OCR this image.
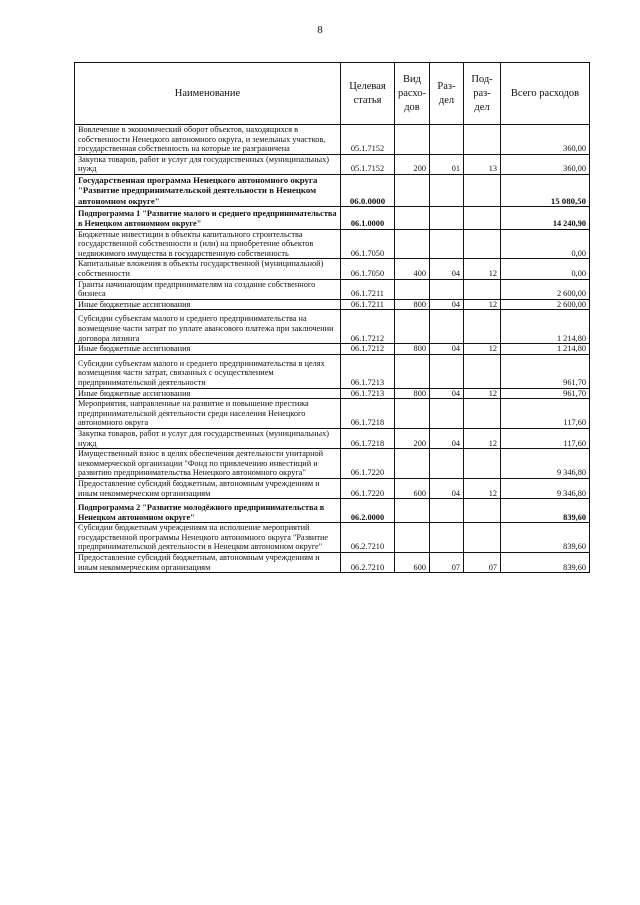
8
Наименование	Целевая статья	Вид расхо-дов	Раз-дел	Под-раз-дел	Всего расходов
Вовлечение в экономический оборот объектов, находящихся в собственности Ненецкого автономного округа, и земельных участков, государственная собственность на которые не разграничена	05.1.7152				360,00
Закупка товаров, работ и услуг для государственных (муниципальных) нужд	05.1.7152	200	01	13	360,00
Государственная программа Ненецкого автономного округа "Развитие предпринимательской деятельности в Ненецком автономном округе"	06.0.0000				15 080,50
Подпрограмма 1 "Развитие малого и среднего предпринимательства в Ненецком автономном округе"	06.1.0000				14 240,90
Бюджетные инвестиции в объекты капитального строительства государственной собственности и (или) на приобретение объектов недвижимого имущества в государственную собственность	06.1.7050				0,00
Капитальные вложения в объекты государственной (муниципальной) собственности	06.1.7050	400	04	12	0,00
Гранты начинающим предпринимателям на создание собственного бизнеса	06.1.7211				2 600,00
Иные бюджетные ассигнования	06.1.7211	800	04	12	2 600,00
Субсидии субъектам малого и среднего предпринимательства на возмещение части затрат по уплате авансового платежа при заключении договора лизинга	06.1.7212				1 214,80
Иные бюджетные ассигнования	06.1.7212	800	04	12	1 214,80
Субсидии субъектам малого и среднего предпринимательства в целях возмещения части затрат, связанных с осуществлением предпринимательской деятельности	06.1.7213				961,70
Иные бюджетные ассигнования	06.1.7213	800	04	12	961,70
Мероприятия, направленные на развитие и повышение престижа предпринимательской деятельности среди населения Ненецкого автономного округа	06.1.7218				117,60
Закупка товаров, работ и услуг для государственных (муниципальных) нужд	06.1.7218	200	04	12	117,60
Имущественный взнос в целях обеспечения деятельности унитарной некоммерческой организации "Фонд по привлечению инвестиций и развитию предпринимательства Ненецкого автономного округа"	06.1.7220				9 346,80
Предоставление субсидий бюджетным, автономным учреждениям и иным некоммерческим организациям	06.1.7220	600	04	12	9 346,80
Подпрограмма 2 "Развитие молодёжного предпринимательства в Ненецком автономном округе"	06.2.0000				839,60
Субсидии бюджетным учреждениям на исполнение мероприятий государственной программы Ненецкого автономного округа "Развитие предпринимательской деятельности в Ненецком автономном округе"	06.2.7210				839,60
Предоставление субсидий бюджетным, автономным учреждениям и иным некоммерческим организациям	06.2.7210	600	07	07	839,60
